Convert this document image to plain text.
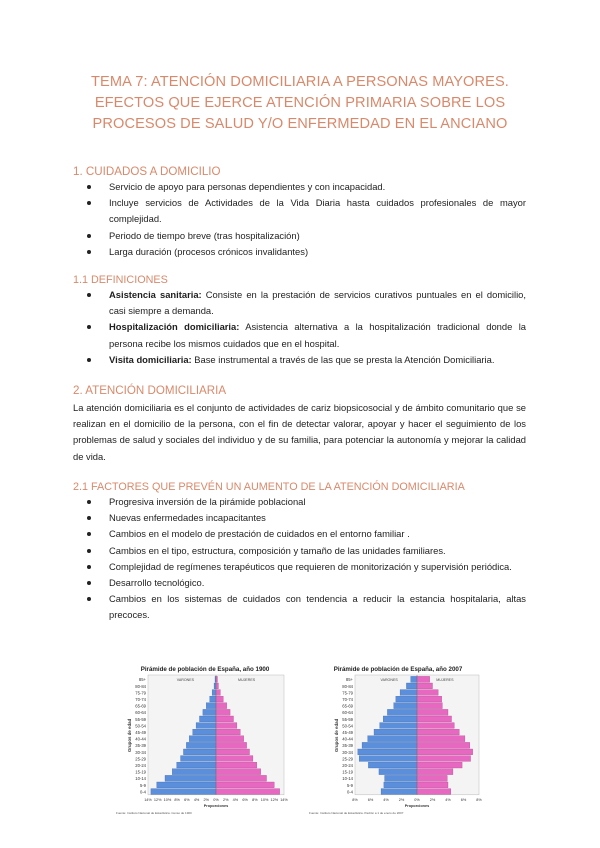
TEMA 7: ATENCIÓN DOMICILIARIA A PERSONAS MAYORES.
EFECTOS QUE EJERCE ATENCIÓN PRIMARIA SOBRE LOS
PROCESOS DE SALUD Y/O ENFERMEDAD EN EL ANCIANO
1. CUIDADOS A DOMICILIO
Servicio de apoyo para personas dependientes y con incapacidad.
Incluye servicios de Actividades de la Vida Diaria hasta cuidados profesionales de mayor complejidad.
Periodo de tiempo breve (tras hospitalización)
Larga duración (procesos crónicos invalidantes)
1.1 DEFINICIONES
Asistencia sanitaria: Consiste en la prestación de servicios curativos puntuales en el domicilio, casi siempre a demanda.
Hospitalización domiciliaria: Asistencia alternativa a la hospitalización tradicional donde la persona recibe los mismos cuidados que en el hospital.
Visita domiciliaria: Base instrumental a través de las que se presta la Atención Domiciliaria.
2. ATENCIÓN DOMICILIARIA

La atención domiciliaria es el conjunto de actividades de cariz biopsicosocial y de ámbito comunitario que se realizan en el domicilio de la persona, con el fin de detectar valorar, apoyar y hacer el seguimiento de los problemas de salud y sociales del individuo y de su familia, para potenciar la autonomía y mejorar la calidad de vida.

2.1 FACTORES QUE PREVÉN UN AUMENTO DE LA ATENCIÓN DOMICILIARIA
Progresiva inversión de la pirámide poblacional
Nuevas enfermedades incapacitantes
Cambios en el modelo de prestación de cuidados en el entorno familiar .
Cambios en el tipo, estructura, composición y tamaño de las unidades familiares.
Complejidad de regímenes terapéuticos que requieren de monitorización y supervisión periódica.
Desarrollo tecnológico.
Cambios en los sistemas de cuidados con tendencia a reducir la estancia hospitalaria, altas precoces.
Pirámide de población de España, año 1900
VARONES	MUJERES
85+
80-84
75-79
70-74
65-69
60-64
55-59
50-54
45-49
40-44
35-39
30-34
25-29
20-24
15-19
10-14
5-9
0-4
14% 12% 10% 8% 6% 4% 2% 0% 2% 4% 6% 8% 10% 12% 14%
Proporciones
Grupos de edad
Fuente: Instituto Nacional de Estadística. Censo de 1900
Pirámide de población de España, año 2007
VARONES	MUJERES
85+
80-84
75-79
70-74
65-69
60-64
55-59
50-54
45-49
40-44
35-39
30-34
25-29
20-24
15-19
10-14
5-9
0-4
8%	6%	4%	2%	0%	2%	4%	6%	8%
Proporciones
Grupos de edad
Fuente: Instituto Nacional de Estadística. Padrón a 1 de enero de 2007
